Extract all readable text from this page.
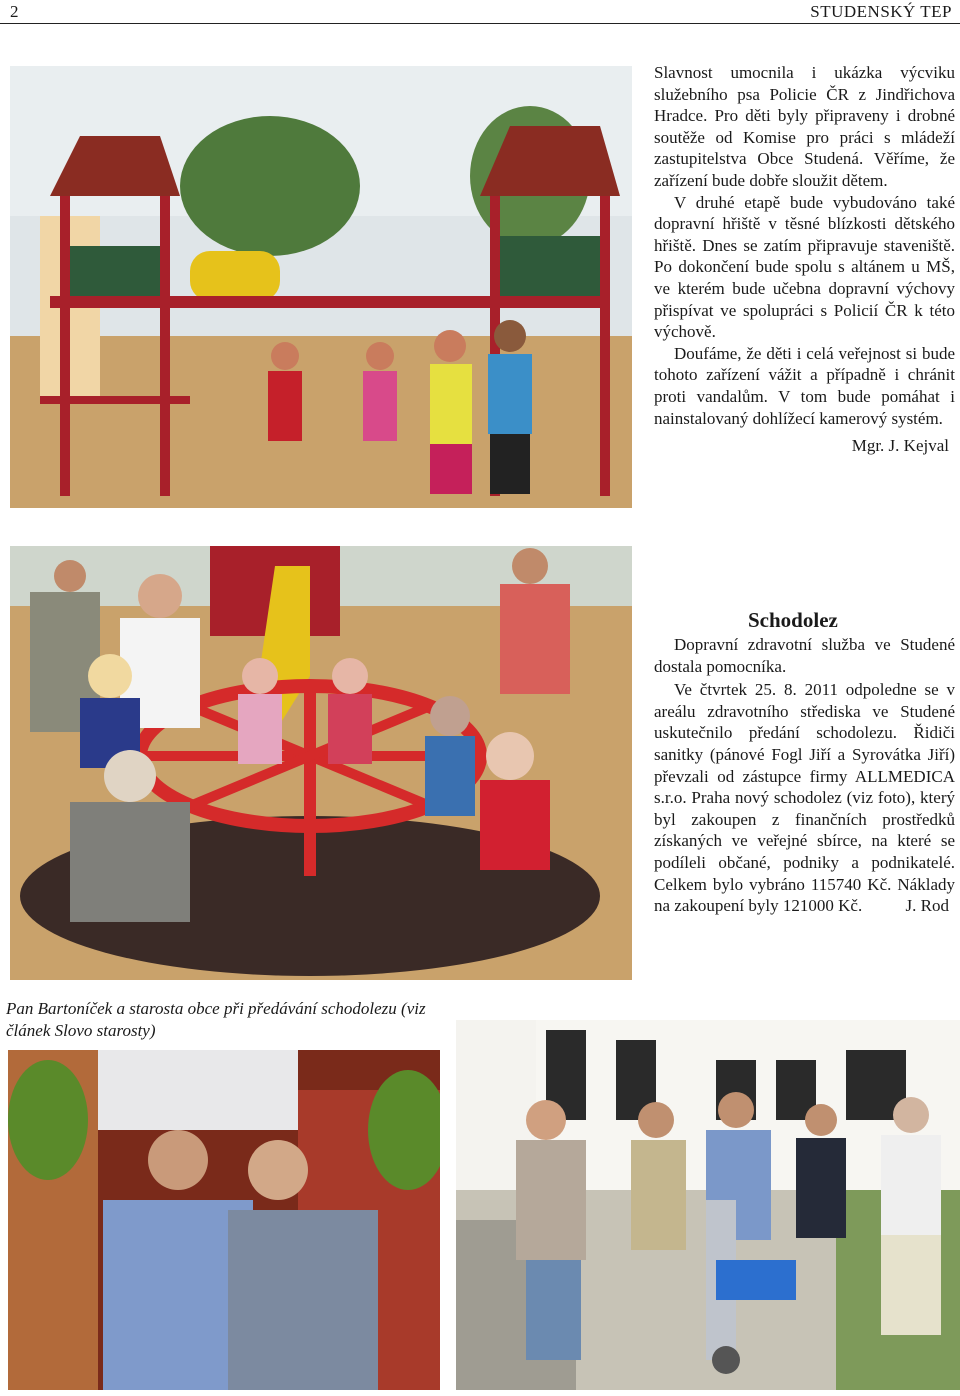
2	STUDENSKÝ TEP

Slavnost umocnila i ukázka výcviku služebního psa Policie ČR z Jindřichova Hradce. Pro děti byly připraveny i drobné soutěže od Komise pro práci s mládeží zastupitelstva Obce Studená. Věříme, že zařízení bude dobře sloužit dětem.

V druhé etapě bude vybudováno také dopravní hřiště v těsné blízkosti dětského hřiště. Dnes se zatím připravuje staveniště. Po dokončení bude spolu s altánem u MŠ, ve kterém bude učebna dopravní výchovy přispívat ve spolupráci s Policií ČR k této výchově.

Doufáme, že děti i celá veřejnost si bude tohoto zařízení vážit a případně i chránit proti vandalům. V tom bude pomáhat i nainstalovaný dohlížecí kamerový systém.

Mgr. J. Kejval
Schodolez

Dopravní zdravotní služba ve Studené dostala pomocníka.

Ve čtvrtek 25. 8. 2011 odpoledne se v areálu zdravotního střediska ve Studené uskutečnilo předání schodolezu. Řidiči sanitky (pánové Fogl Jiří a Syrovátka Jiří) převzali od zástupce firmy ALLMEDICA s.r.o. Praha nový schodolez (viz foto), který byl zakoupen z finančních prostředků získaných ve veřejné sbírce, na které se podíleli občané, podniky a podnikatelé. Celkem bylo vybráno 115740 Kč. Náklady na zakoupení byly 121000 Kč.	J. Rod
Pan Bartoníček a starosta obce při předávání schodolezu (viz článek Slovo starosty)
